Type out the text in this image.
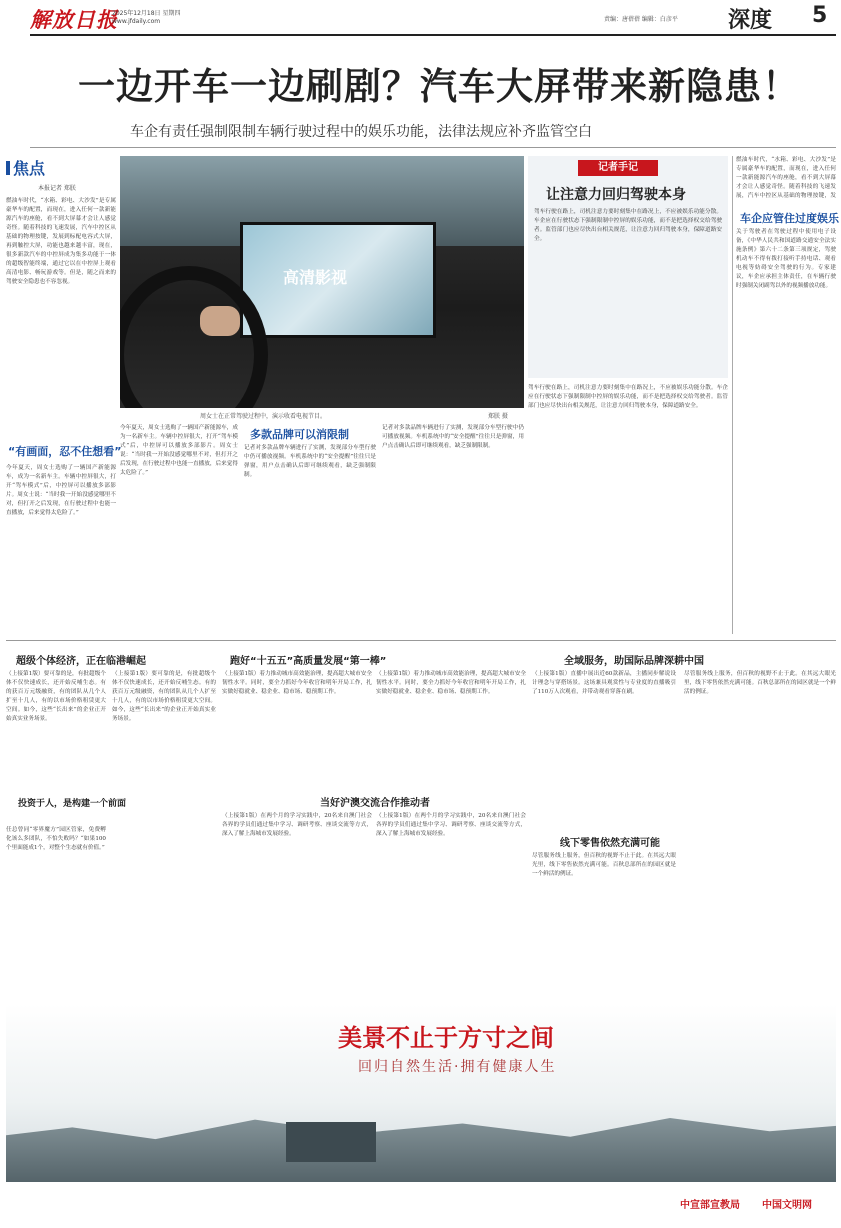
解放日报
2025年12月18日 星期四
www.jfdaily.com	责编：唐蓓蓓 编辑：白彦平 深度 5
一边开车一边刷剧？汽车大屏带来新隐患！
车企有责任强制限制车辆行驶过程中的娱乐功能，法律法规应补齐监管空白
焦点
本报记者 郑朕
燃油车时代，“水箱、彩电、大沙发”是专属豪华车的配置，而现在，进入任何一款新能源汽车的座舱，看不到大屏幕才会让人感觉奇怪。随着科技的飞速发展，汽车中控区从基础的物理按键，发展到标配电容式大屏，再到触控大屏，功能也越来越丰富，现在，很多新款汽车的中控屏成为集多功能于一体的超级智能终端，通过它以在中控屏上观看高清电影、畅玩游戏等。但是，随之而来的驾驶安全隐患也不容忽视。
“有画面，忍不住想看”
今年夏天，周女士选购了一辆国产新能源车，成为一名新车主。车辆中控屏很大，打开“驾车模式”后，中控屏可以播放多部影片。周女士说：“当时我一开始没感觉哪里不对，但打开之后发现，在行驶过程中也能一直播放，后来觉得太危险了。”
高清影视
周女士在正常驾驶过程中，演示收看电视节目。	郑朕 摄
记者手记
让注意力回归驾驶本身
驾车行驶在路上，司机注意力要时刻集中在路况上，不应被娱乐功能分散。车企应在行驶状态下强制限制中控屏的娱乐功能，而不是把选择权交给驾驶者。监管部门也应尽快出台相关规范，让注意力回归驾驶本身，保障道路安全。
今年夏天，周女士选购了一辆国产新能源车，成为一名新车主。车辆中控屏很大，打开“驾车模式”后，中控屏可以播放多部影片。周女士说：“当时我一开始没感觉哪里不对，但打开之后发现，在行驶过程中也能一直播放，后来觉得太危险了。”
多款品牌可以消限制
记者对多款品牌车辆进行了实测，发现部分车型行驶中仍可播放视频。车机系统中的“安全提醒”往往只是弹窗，用户点击确认后即可继续观看，缺乏强制限制。
记者对多款品牌车辆进行了实测，发现部分车型行驶中仍可播放视频。车机系统中的“安全提醒”往往只是弹窗，用户点击确认后即可继续观看，缺乏强制限制。
驾车行驶在路上，司机注意力要时刻集中在路况上，不应被娱乐功能分散。车企应在行驶状态下强制限制中控屏的娱乐功能，而不是把选择权交给驾驶者。监管部门也应尽快出台相关规范，让注意力回归驾驶本身，保障道路安全。
燃油车时代，“水箱、彩电、大沙发”是专属豪华车的配置，而现在，进入任何一款新能源汽车的座舱，看不到大屏幕才会让人感觉奇怪。随着科技的飞速发展，汽车中控区从基础的物理按键，发
车企应管住过度娱乐
关于驾驶者在驾驶过程中使用电子设备，《中华人民共和国道路交通安全法实施条例》第六十二条第三项规定，驾驶机动车不得有拨打接听手持电话、观看电视等妨碍安全驾驶的行为。专家建议，车企应承担主体责任，在车辆行驶时强制关闭副驾以外的视频播放功能。
超级个体经济，正在临港崛起
（上接第1版）要可靠的是，有批超级个体不仅快速成长，还开始反哺生态。有的获百万元级融资，有的团队从几个人扩至十几人，有的以市场价格租赁更大空间。如今，这些“长出来”的企业正开始真实业务场景。
投资于人，是构建一个前面
任总曾同“零界魔方”园区管家，免费孵化该么多团队，不怕失败吗？“如果100个里面能成1个，对整个生态就有价值。”
（上接第1版）要可靠的是，有批超级个体不仅快速成长，还开始反哺生态。有的获百万元级融资，有的团队从几个人扩至十几人，有的以市场价格租赁更大空间。如今，这些“长出来”的企业正开始真实业务场景。
跑好“十五五”高质量发展“第一棒”
（上接第1版）着力推动城市高效能治理，提高超大城市安全韧性水平。同时，要全力抓好今年收官和明年开局工作，扎实做好稳就业、稳企业、稳市场、稳预期工作。
（上接第1版）着力推动城市高效能治理，提高超大城市安全韧性水平。同时，要全力抓好今年收官和明年开局工作，扎实做好稳就业、稳企业、稳市场、稳预期工作。
当好沪澳交流合作推动者
（上接第1版）在两个月的学习实践中，20名来自澳门社会各界的学员们通过集中学习、调研考察、座谈交流等方式，深入了解上海城市发展经验。
（上接第1版）在两个月的学习实践中，20名来自澳门社会各界的学员们通过集中学习、调研考察、座谈交流等方式，深入了解上海城市发展经验。
全域服务，助国际品牌深耕中国
（上接第1版）直播中展出近60款新品，主播同步解说设计理念与穿搭场景。这场兼具观赏性与专业度的直播吸引了110万人次观看，并带动观看穿落在刷。
线下零售依然充满可能
尽管服务线上服务，但百秋的视野不止于此。在其远大眼光里，线下零售依然充满可能。百秋总部所在的园区就是一个鲜活的例证。
尽管服务线上服务，但百秋的视野不止于此。在其远大眼光里，线下零售依然充满可能。百秋总部所在的园区就是一个鲜活的例证。
美景不止于方寸之间
回归自然生活·拥有健康人生
中宣部宣教局 中国文明网
